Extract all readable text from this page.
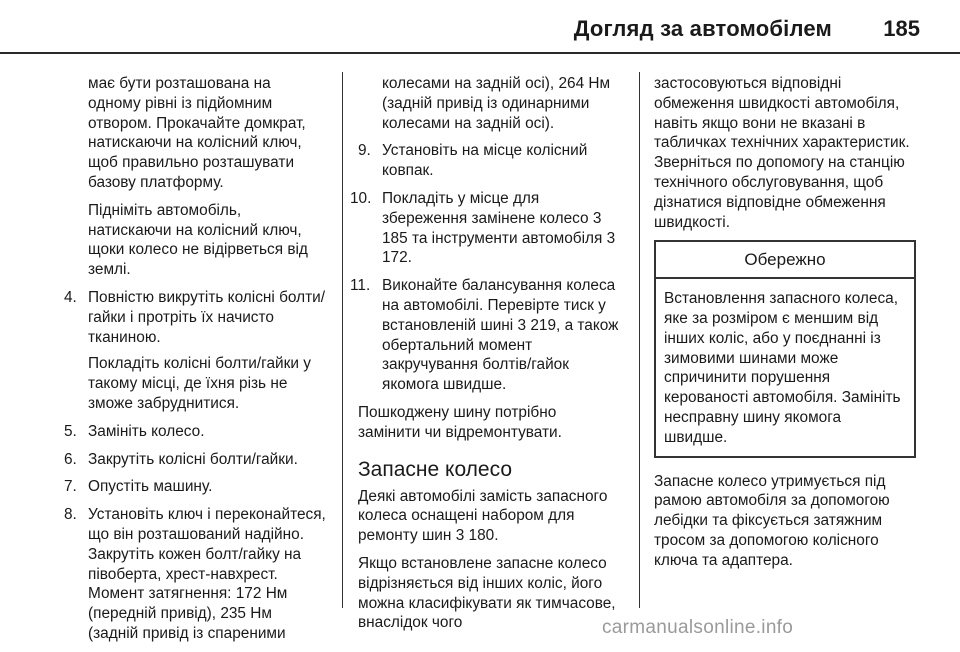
Догляд за автомобілем 185

має бути розташована на одному рівні із підйомним отвором. Прокачайте домкрат, натискаючи на колісний ключ, щоб правильно розташувати базову платформу.

Підніміть автомобіль, натискаючи на колісний ключ, щоки колесо не відірветься від землі.

4. Повністю викрутіть колісні болти/гайки і протріть їх начисто тканиною.

Покладіть колісні болти/гайки у такому місці, де їхня різь не зможе забруднитися.

5. Замініть колесо.

6. Закрутіть колісні болти/гайки.

7. Опустіть машину.

8. Установіть ключ і переконайтеся, що він розташований надійно. Закрутіть кожен болт/гайку на півоберта, хрест-навхрест. Момент затягнення: 172 Нм (передній привід), 235 Нм (задній привід із спареними

колесами на задній осі), 264 Нм (задній привід із одинарними колесами на задній осі).

9. Установіть на місце колісний ковпак.

10. Покладіть у місце для збереження замінене колесо 3 185 та інструменти автомобіля 3 172.

11. Виконайте балансування колеса на автомобілі. Перевірте тиск у встановленій шині 3 219, а також обертальний момент закручування болтів/гайок якомога швидше.

Пошкоджену шину потрібно замінити чи відремонтувати.

Запасне колесо

Деякі автомобілі замість запасного колеса оснащені набором для ремонту шин 3 180.

Якщо встановлене запасне колесо відрізняється від інших коліс, його можна класифікувати як тимчасове, внаслідок чого

застосовуються відповідні обмеження швидкості автомобіля, навіть якщо вони не вказані в табличках технічних характеристик. Зверніться по допомогу на станцію технічного обслуговування, щоб дізнатися відповідне обмеження швидкості.

Обережно

Встановлення запасного колеса, яке за розміром є меншим від інших коліс, або у поєднанні із зимовими шинами може спричинити порушення керованості автомобіля. Замініть несправну шину якомога швидше.

Запасне колесо утримується під рамою автомобіля за допомогою лебідки та фіксується затяжним тросом за допомогою колісного ключа та адаптера.

carmanualsonline.info
